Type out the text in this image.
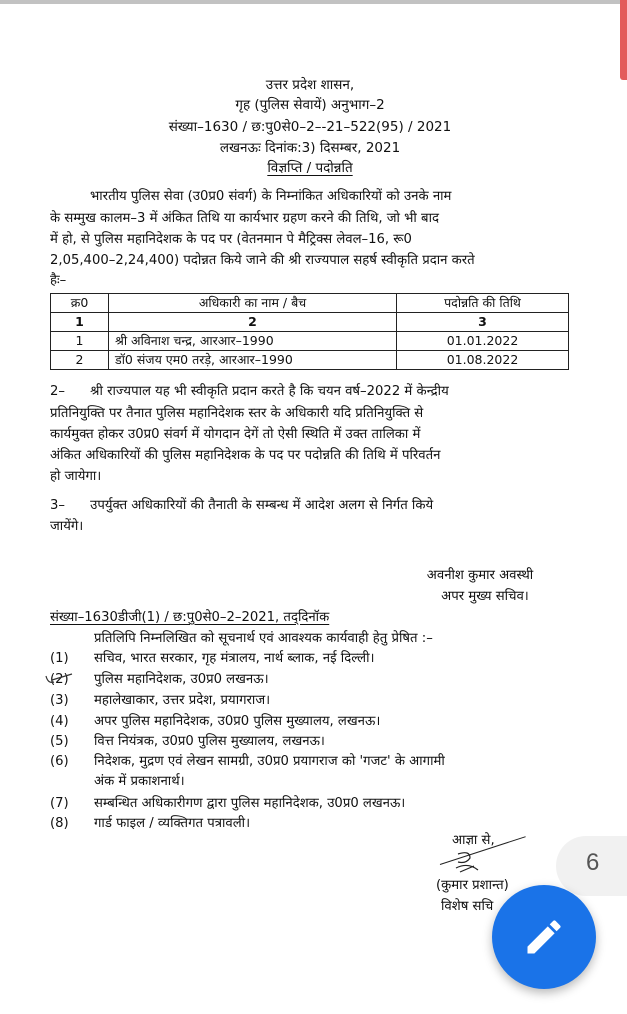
उत्तर प्रदेश शासन,
गृह (पुलिस सेवायें) अनुभाग–2
संख्या–1630 / छ:पु0से0–2–-21–522(95) / 2021
लखनऊः दिनांक:3) दिसम्बर, 2021
विज्ञप्ति / पदोन्नति
भारतीय पुलिस सेवा (उ0प्र0 संवर्ग) के निम्नांकित अधिकारियों को उनके नाम
के सम्मुख कालम–3 में अंकित तिथि या कार्यभार ग्रहण करने की तिथि, जो भी बाद
में हो, से पुलिस महानिदेशक के पद पर (वेतनमान पे मैट्रिक्स लेवल–16, रू0
2,05,400–2,24,400) पदोन्नत किये जाने की श्री राज्यपाल सहर्ष स्वीकृति प्रदान करते
हैः–
क्र0	अधिकारी का नाम / बैच	पदोन्नति की तिथि
1	2	3
1	श्री अविनाश चन्द्र, आरआर–1990	01.01.2022
2	डॉ0 संजय एम0 तरड़े, आरआर–1990	01.08.2022
2–      श्री राज्यपाल यह भी स्वीकृति प्रदान करते है कि चयन वर्ष–2022 में केन्द्रीय
प्रतिनियुक्ति पर तैनात पुलिस महानिदेशक स्तर के अधिकारी यदि प्रतिनियुक्ति से
कार्यमुक्त होकर उ0प्र0 संवर्ग में योगदान देगें तो ऐसी स्थिति में उक्त तालिका में
अंकित अधिकारियों की पुलिस महानिदेशक के पद पर पदोन्नति की तिथि में परिवर्तन
हो जायेगा।
3–      उपर्युक्त अधिकारियों की तैनाती के सम्बन्ध में आदेश अलग से निर्गत किये
जायेंगे।
अवनीश कुमार अवस्थी
अपर मुख्य सचिव।
संख्या–1630डीजी(1) / छ:पु0से0–2–2021, तद्‌दिनॉक
प्रतिलिपि निम्नलिखित को सूचनार्थ एवं आवश्यक कार्यवाही हेतु प्रेषित :–
(1) सचिव, भारत सरकार, गृह मंत्रालय, नार्थ ब्लाक, नई दिल्ली।
(2) पुलिस महानिदेशक, उ0प्र0 लखनऊ।
(3) महालेखाकार, उत्तर प्रदेश, प्रयागराज।
(4) अपर पुलिस महानिदेशक, उ0प्र0 पुलिस मुख्यालय, लखनऊ।
(5) वित्त नियंत्रक, उ0प्र0 पुलिस मुख्यालय, लखनऊ।
(6) निदेशक, मुद्रण एवं लेखन सामग्री, उ0प्र0 प्रयागराज को 'गजट' के आगामी
अंक में प्रकाशनार्थ।
(7) सम्बन्धित अधिकारीगण द्वारा पुलिस महानिदेशक, उ0प्र0 लखनऊ।
(8) गार्ड फाइल / व्यक्तिगत पत्रावली।
आज्ञा से,
(कुमार प्रशान्त)
विशेष सचि
6
